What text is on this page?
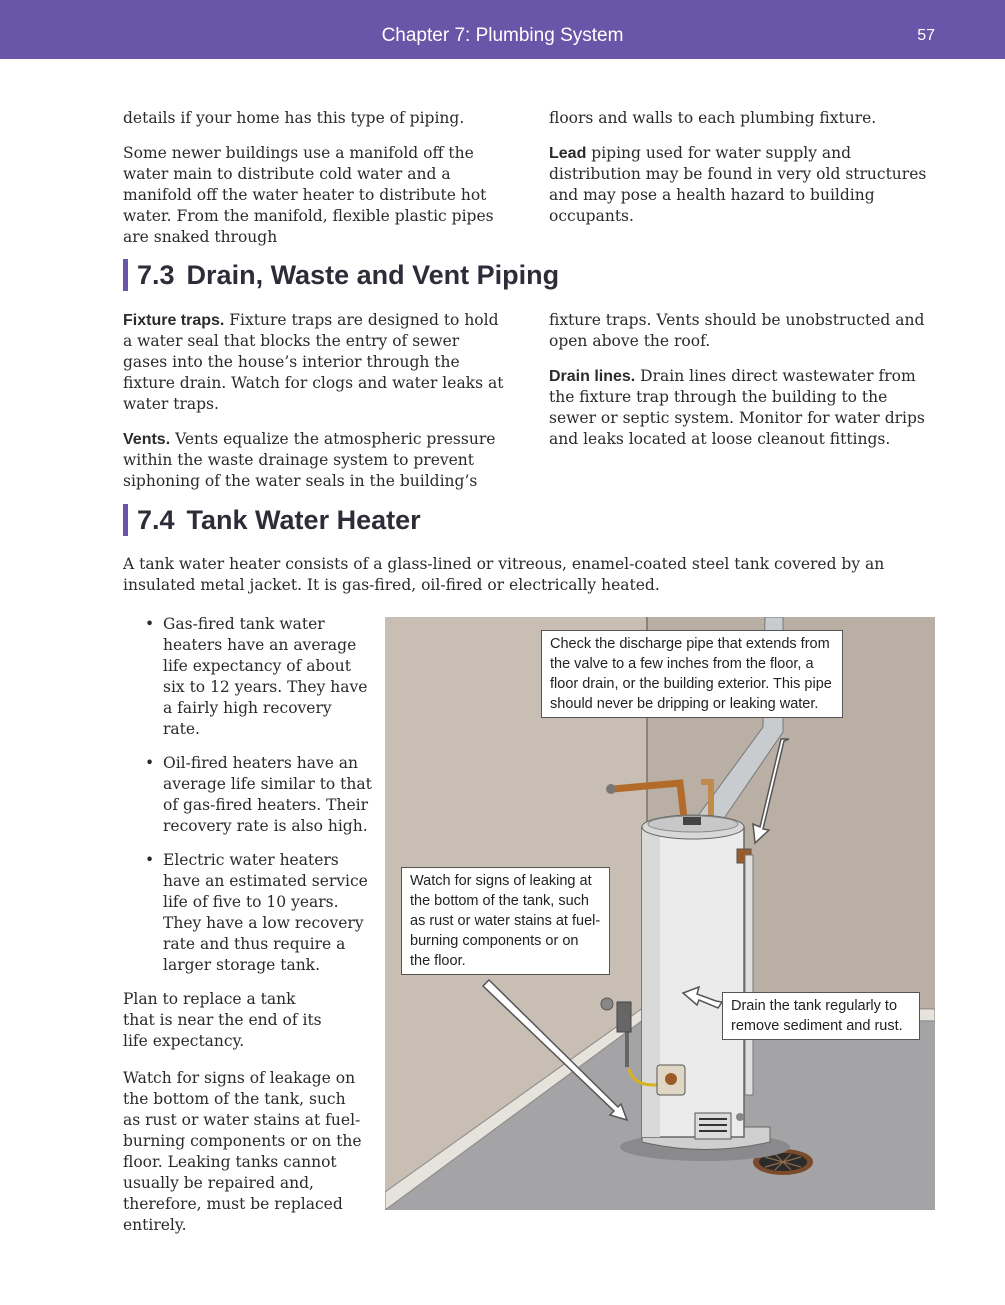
Chapter 7: Plumbing System	57

details if your home has this type of piping.

Some newer buildings use a manifold off the water main to distribute cold water and a manifold off the water heater to distribute hot water. From the manifold, flexible plastic pipes are snaked through

floors and walls to each plumbing fixture.

Lead piping used for water supply and distribution may be found in very old structures and may pose a health hazard to building occupants.

7.3 Drain, Waste and Vent Piping

Fixture traps. Fixture traps are designed to hold a water seal that blocks the entry of sewer gases into the house’s interior through the fixture drain. Watch for clogs and water leaks at water traps.

Vents. Vents equalize the atmospheric pressure within the waste drainage system to prevent siphoning of the water seals in the building’s

fixture traps. Vents should be unobstructed and open above the roof.

Drain lines. Drain lines direct wastewater from the fixture trap through the building to the sewer or septic system. Monitor for water drips and leaks located at loose cleanout fittings.

7.4 Tank Water Heater
A tank water heater consists of a glass-lined or vitreous, enamel-coated steel tank covered by an insulated metal jacket. It is gas-fired, oil-fired or electrically heated.
• Gas-fired tank water heaters have an average life expectancy of about six to 12 years. They have a fairly high recovery rate.
• Oil-fired heaters have an average life similar to that of gas-fired heaters. Their recovery rate is also high.
• Electric water heaters have an estimated service life of five to 10 years. They have a low recovery rate and thus require a larger storage tank.

Plan to replace a tank that is near the end of its life expectancy.

Watch for signs of leakage on the bottom of the tank, such as rust or water stains at fuel-burning components or on the floor. Leaking tanks cannot usually be repaired and, therefore, must be replaced entirely.

Check the discharge pipe that extends from the valve to a few inches from the floor, a floor drain, or the building exterior. This pipe should never be dripping or leaking water.
Watch for signs of leaking at the bottom of the tank, such as rust or water stains at fuel-burning components or on the floor.
Drain the tank regularly to remove sediment and rust.
